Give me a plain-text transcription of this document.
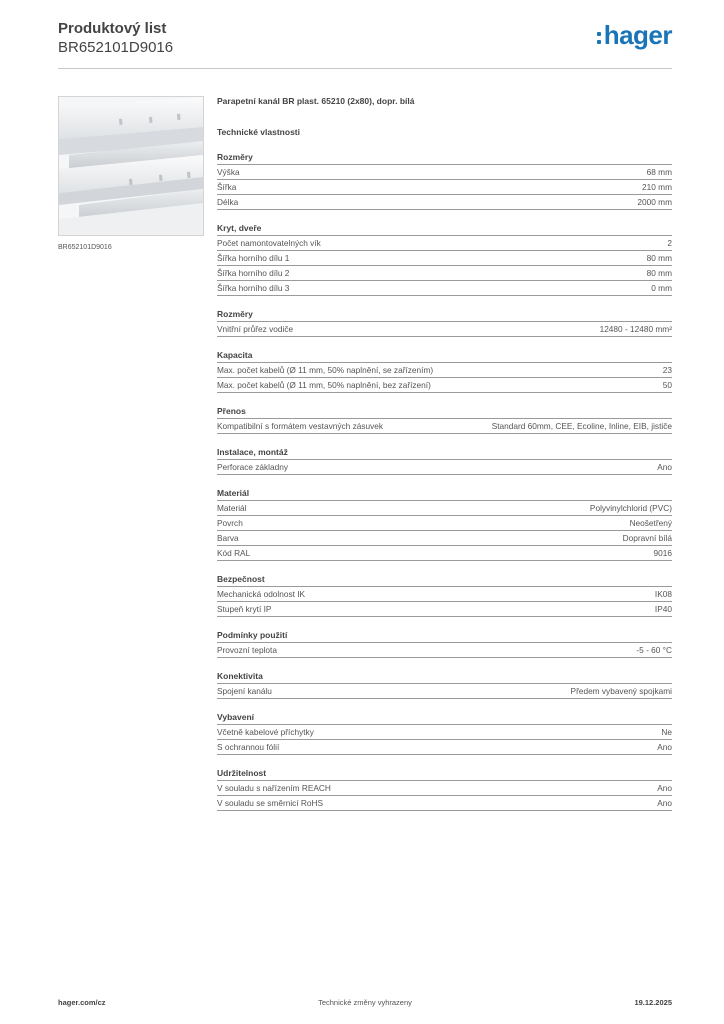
Produktový list
BR652101D9016	hager
BR652101D9016
Parapetní kanál BR plast. 65210 (2x80), dopr. bílá
Technické vlastnosti
Rozměry
Výška	68 mm
Šířka	210 mm
Délka	2000 mm
Kryt, dveře
Počet namontovatelných vík	2
Šířka horního dílu 1	80 mm
Šířka horního dílu 2	80 mm
Šířka horního dílu 3	0 mm
Rozměry
Vnitřní průřez vodiče	12480 - 12480 mm²
Kapacita
Max. počet kabelů (Ø 11 mm, 50% naplnění, se zařízením)	23
Max. počet kabelů (Ø 11 mm, 50% naplnění, bez zařízení)	50
Přenos
Kompatibilní s formátem vestavných zásuvek	Standard 60mm, CEE, Ecoline, Inline, EIB, jističe
Instalace, montáž
Perforace základny	Ano
Materiál
Materiál	Polyvinylchlorid (PVC)
Povrch	Neošetřený
Barva	Dopravní bílá
Kód RAL	9016
Bezpečnost
Mechanická odolnost IK	IK08
Stupeň krytí IP	IP40
Podmínky použití
Provozní teplota	-5 - 60 °C
Konektivita
Spojení kanálu	Předem vybavený spojkami
Vybavení
Včetně kabelové příchytky	Ne
S ochrannou fólií	Ano
Udržitelnost
V souladu s nařízením REACH	Ano
V souladu se směrnicí RoHS	Ano
hager.com/cz	Technické změny vyhrazeny	19.12.2025
